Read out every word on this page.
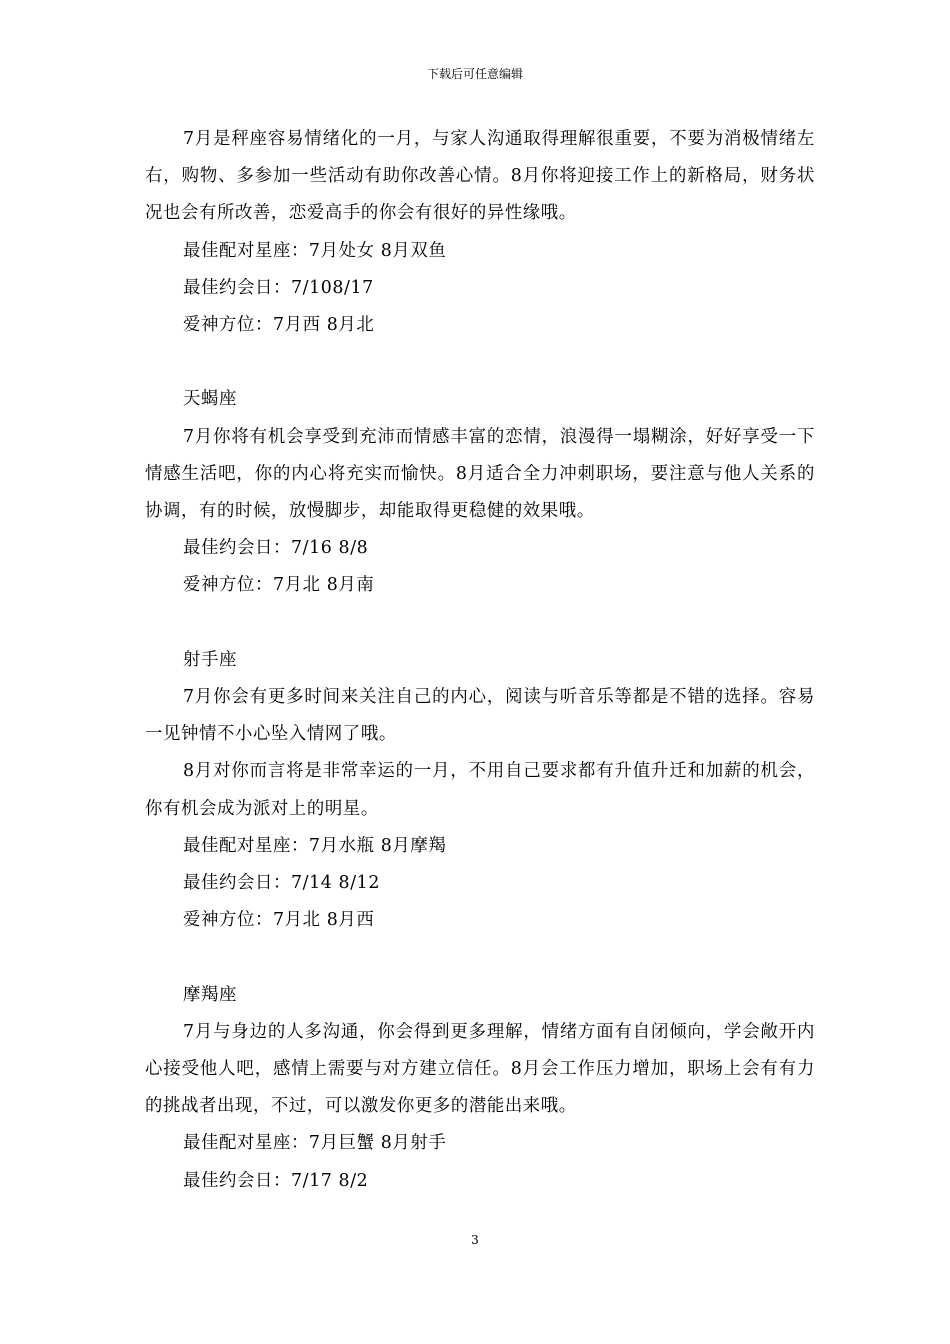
下载后可任意编辑

7月是秤座容易情绪化的一月，与家人沟通取得理解很重要，不要为消极情绪左右，购物、多参加一些活动有助你改善心情。8月你将迎接工作上的新格局，财务状况也会有所改善，恋爱高手的你会有很好的异性缘哦。

最佳配对星座：7月处女 8月双鱼

最佳约会日：7/108/17

爱神方位：7月西 8月北

天蝎座

7月你将有机会享受到充沛而情感丰富的恋情，浪漫得一塌糊涂，好好享受一下情感生活吧，你的内心将充实而愉快。8月适合全力冲刺职场，要注意与他人关系的协调，有的时候，放慢脚步，却能取得更稳健的效果哦。

最佳约会日：7/16 8/8

爱神方位：7月北 8月南

射手座

7月你会有更多时间来关注自己的内心，阅读与听音乐等都是不错的选择。容易一见钟情不小心坠入情网了哦。

8月对你而言将是非常幸运的一月，不用自己要求都有升值升迁和加薪的机会，你有机会成为派对上的明星。

最佳配对星座：7月水瓶 8月摩羯

最佳约会日：7/14 8/12

爱神方位：7月北 8月西

摩羯座

7月与身边的人多沟通，你会得到更多理解，情绪方面有自闭倾向，学会敞开内心接受他人吧，感情上需要与对方建立信任。8月会工作压力增加，职场上会有有力的挑战者出现，不过，可以激发你更多的潜能出来哦。

最佳配对星座：7月巨蟹 8月射手

最佳约会日：7/17 8/2

3
